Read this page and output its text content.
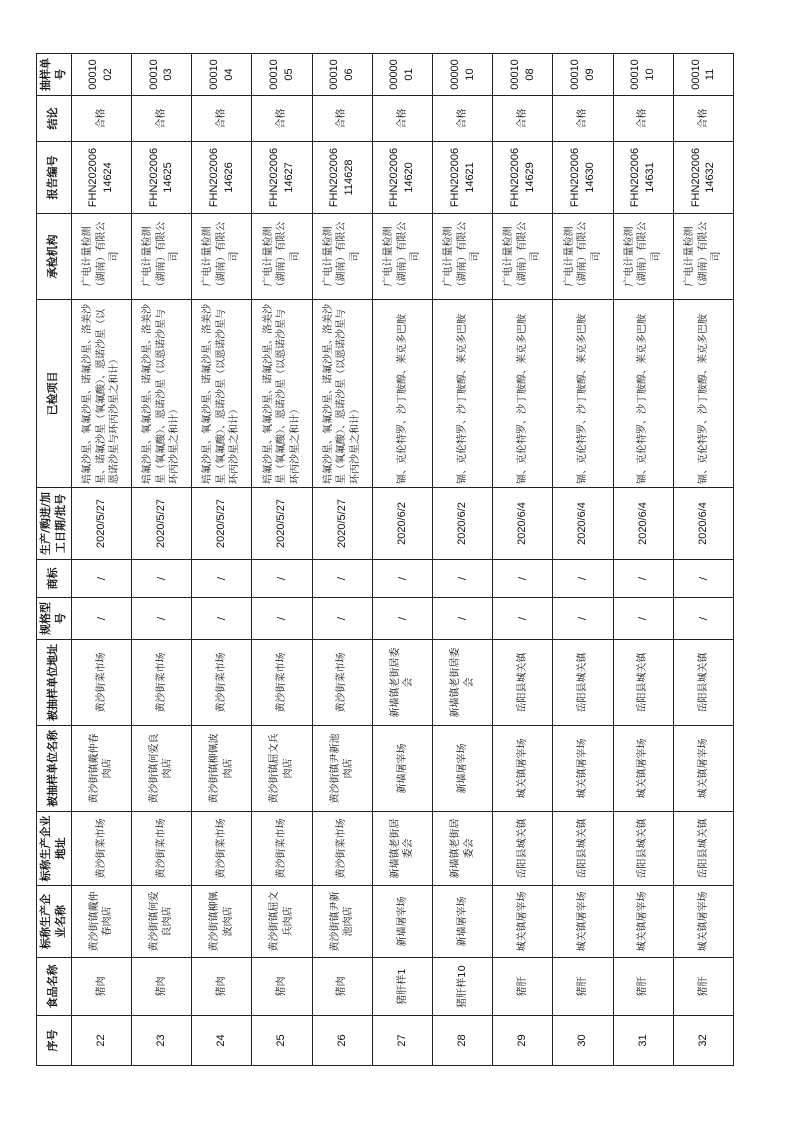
序号	食品名称	标称生产企业名称	标称生产企业地址	被抽样单位名称	被抽样单位地址	规格型号	商标	生产/购进/加工日期/批号	已检项目	承检机构	报告编号	结论	抽样单号
22	猪肉	黄沙街镇戴仲春肉店	黄沙街菜市场	黄沙街镇戴仲春肉店	黄沙街菜市场	/	/	2020/5/27	培氟沙星、氧氟沙星、诺氟沙星、洛美沙星、诺氟沙星（氧氟酸）、恩诺沙星（以恩诺沙星与环丙沙星之和计）	广电计量检测（湖南）有限公司	FHN20200614624	合格	0001002
23	猪肉	黄沙街镇何爱良肉店	黄沙街菜市场	黄沙街镇何爱良肉店	黄沙街菜市场	/	/	2020/5/27	培氟沙星、氧氟沙星、诺氟沙星、洛美沙星（氧氟酸）、恩诺沙星（以恩诺沙星与环丙沙星之和计）	广电计量检测（湖南）有限公司	FHN20200614625	合格	0001003
24	猪肉	黄沙街镇柳佩波肉店	黄沙街菜市场	黄沙街镇柳佩波肉店	黄沙街菜市场	/	/	2020/5/27	培氟沙星、氧氟沙星、诺氟沙星、洛美沙星（氧氟酸）、恩诺沙星（以恩诺沙星与环丙沙星之和计）	广电计量检测（湖南）有限公司	FHN20200614626	合格	0001004
25	猪肉	黄沙街镇屈文兵肉店	黄沙街菜市场	黄沙街镇屈文兵肉店	黄沙街菜市场	/	/	2020/5/27	培氟沙星、氧氟沙星、诺氟沙星、洛美沙星（氧氟酸）、恩诺沙星（以恩诺沙星与环丙沙星之和计）	广电计量检测（湖南）有限公司	FHN20200614627	合格	0001005
26	猪肉	黄沙街镇尹新池肉店	黄沙街菜市场	黄沙街镇尹新池肉店	黄沙街菜市场	/	/	2020/5/27	培氟沙星、氧氟沙星、诺氟沙星、洛美沙星（氧氟酸）、恩诺沙星（以恩诺沙星与环丙沙星之和计）	广电计量检测（湖南）有限公司	FHN202006114628	合格	0001006
27	猪肝样1	新墙屠宰场	新墙镇老街居委会	新墙屠宰场	新墙镇老街居委会	/	/	2020/6/2	镉、克伦特罗、沙丁胺醇、莱克多巴胺	广电计量检测（湖南）有限公司	FHN20200614620	合格	0000001
28	猪肝样10	新墙屠宰场	新墙镇老街居委会	新墙屠宰场	新墙镇老街居委会	/	/	2020/6/2	镉、克伦特罗、沙丁胺醇、莱克多巴胺	广电计量检测（湖南）有限公司	FHN20200614621	合格	0000010
29	猪肝	城关镇屠宰场	岳阳县城关镇	城关镇屠宰场	岳阳县城关镇	/	/	2020/6/4	镉、克伦特罗、沙丁胺醇、莱克多巴胺	广电计量检测（湖南）有限公司	FHN20200614629	合格	0001008
30	猪肝	城关镇屠宰场	岳阳县城关镇	城关镇屠宰场	岳阳县城关镇	/	/	2020/6/4	镉、克伦特罗、沙丁胺醇、莱克多巴胺	广电计量检测（湖南）有限公司	FHN20200614630	合格	0001009
31	猪肝	城关镇屠宰场	岳阳县城关镇	城关镇屠宰场	岳阳县城关镇	/	/	2020/6/4	镉、克伦特罗、沙丁胺醇、莱克多巴胺	广电计量检测（湖南）有限公司	FHN20200614631	合格	0001010
32	猪肝	城关镇屠宰场	岳阳县城关镇	城关镇屠宰场	岳阳县城关镇	/	/	2020/6/4	镉、克伦特罗、沙丁胺醇、莱克多巴胺	广电计量检测（湖南）有限公司	FHN20200614632	合格	0001011
